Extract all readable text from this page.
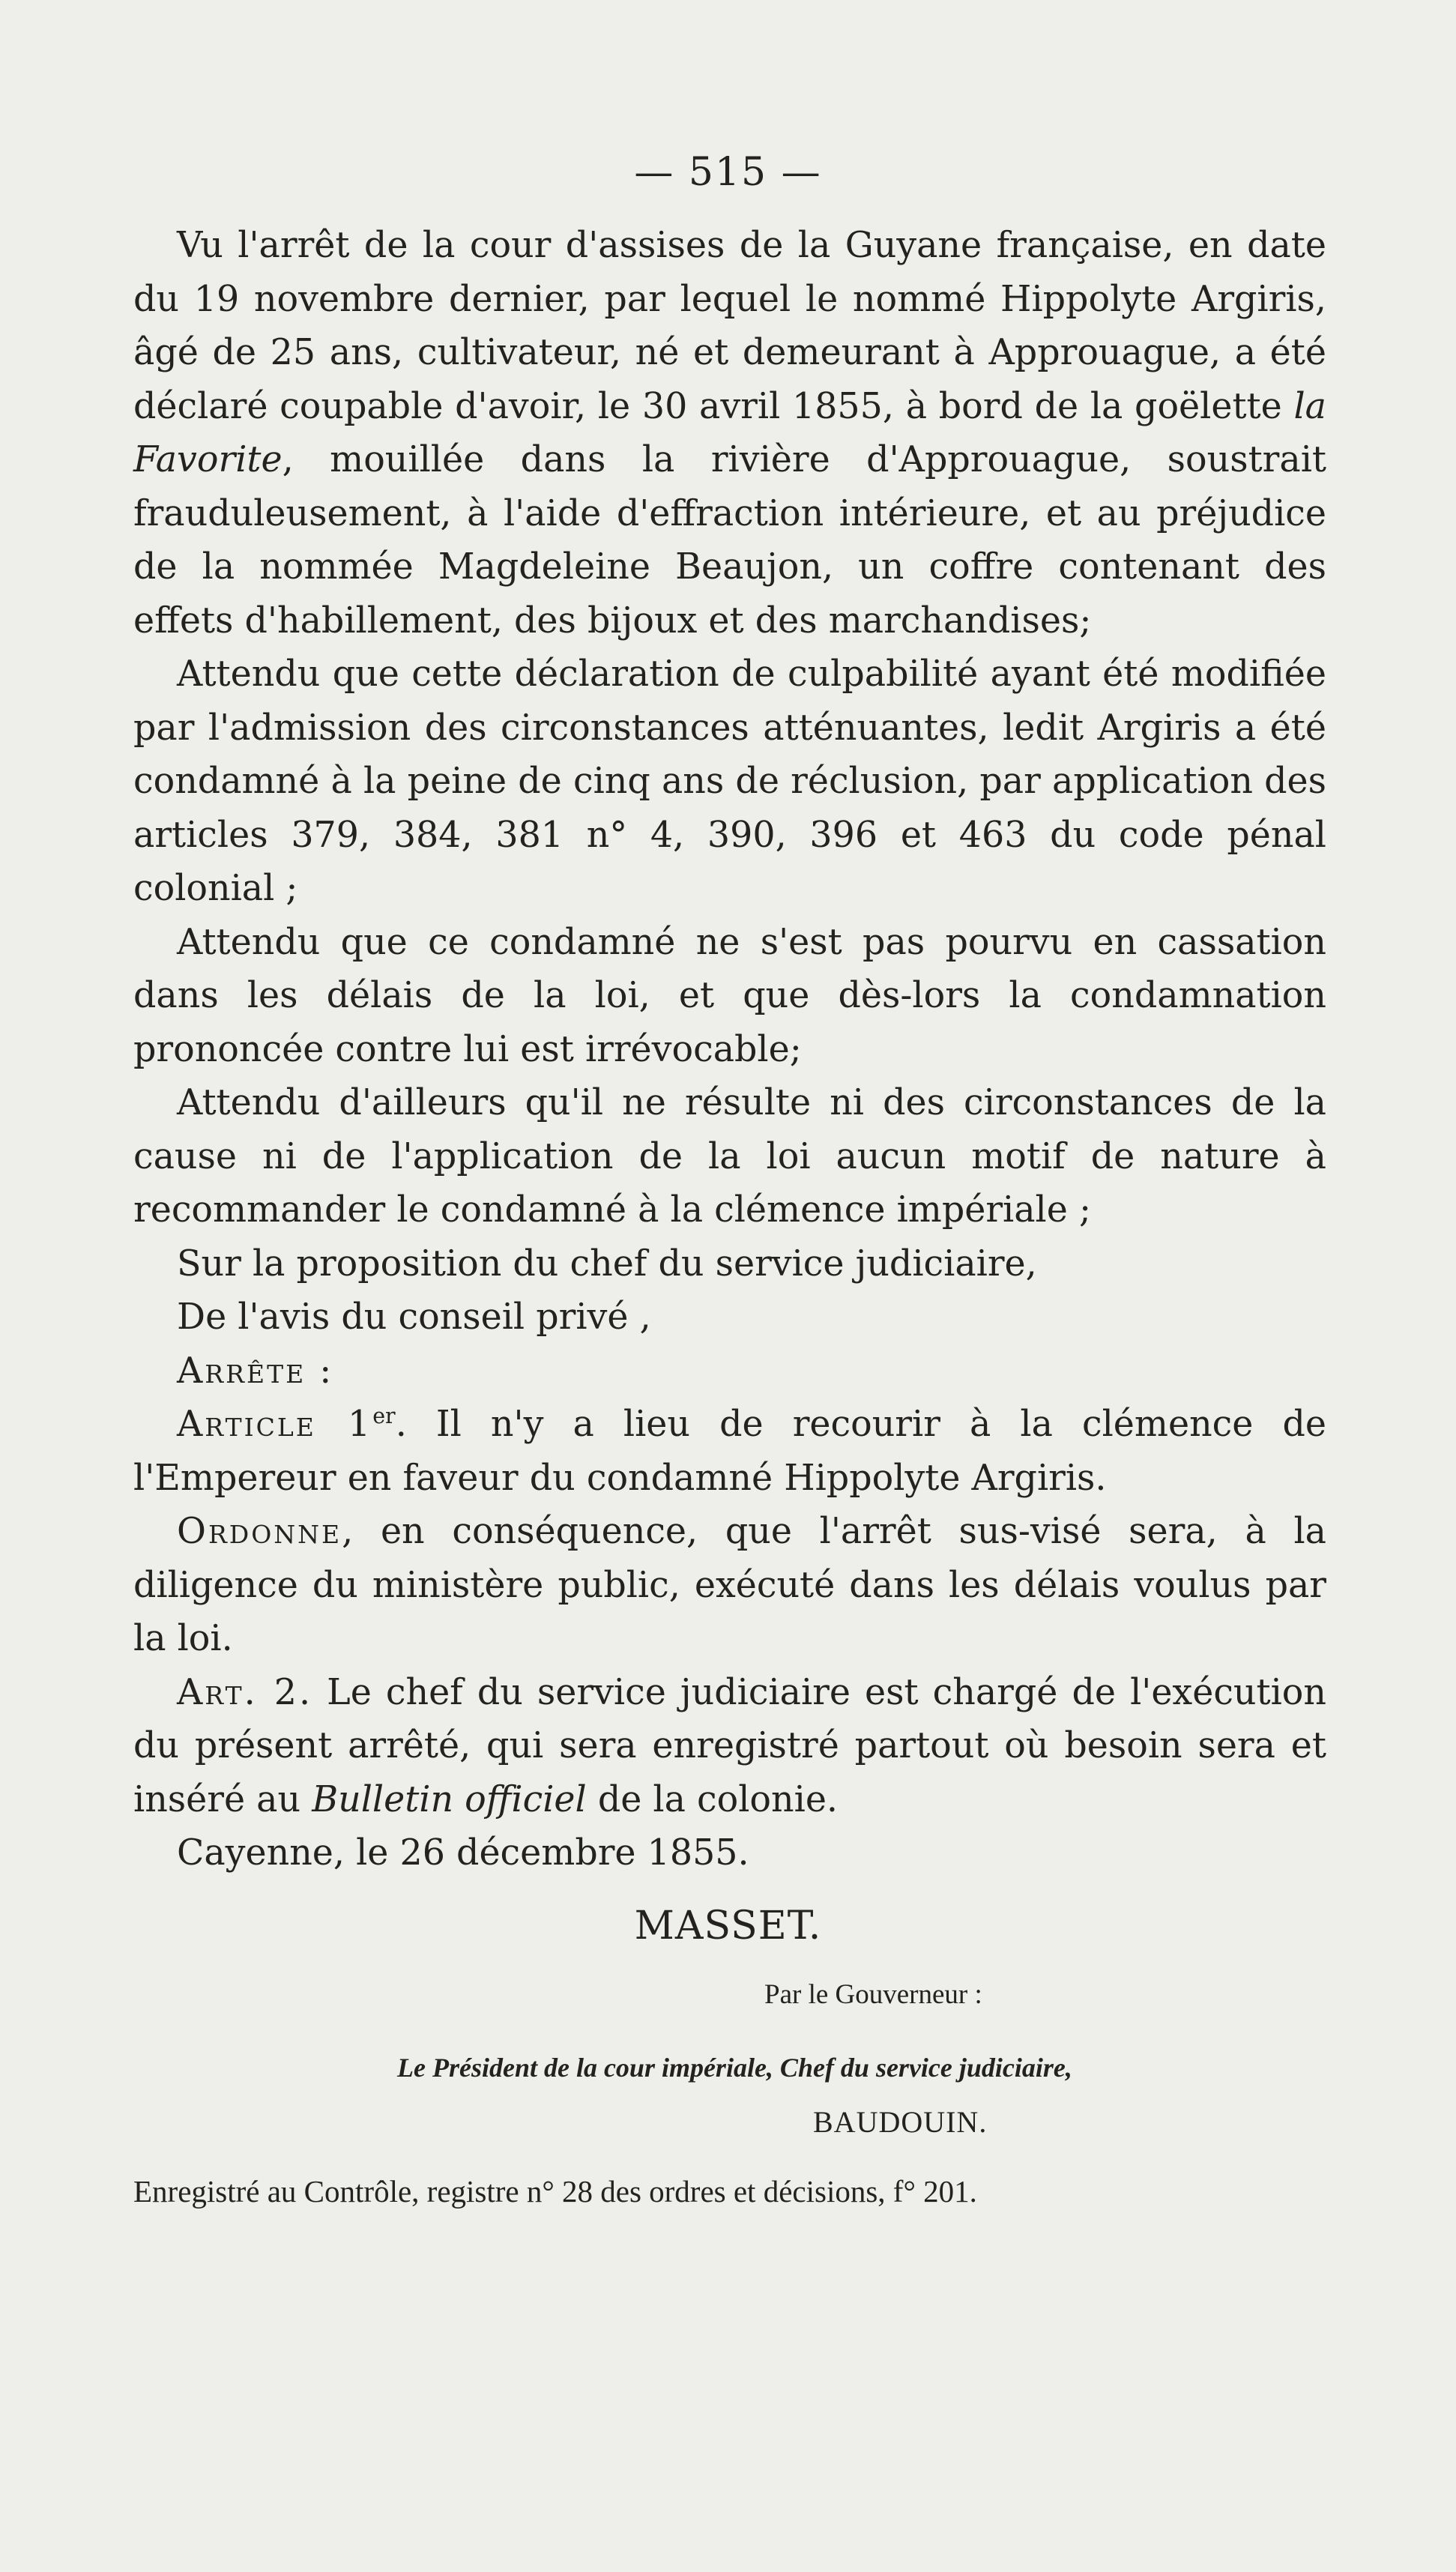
— 515 —

Vu l'arrêt de la cour d'assises de la Guyane française, en date du 19 novembre dernier, par lequel le nommé Hippolyte Argiris, âgé de 25 ans, cultivateur, né et demeurant à Approuague, a été déclaré coupable d'avoir, le 30 avril 1855, à bord de la goëlette la Favorite, mouillée dans la rivière d'Approuague, soustrait frauduleusement, à l'aide d'effraction intérieure, et au préjudice de la nommée Magdeleine Beaujon, un coffre contenant des effets d'habillement, des bijoux et des marchandises;

Attendu que cette déclaration de culpabilité ayant été modifiée par l'admission des circonstances atténuantes, ledit Argiris a été condamné à la peine de cinq ans de réclusion, par application des articles 379, 384, 381 n° 4, 390, 396 et 463 du code pénal colonial ;

Attendu que ce condamné ne s'est pas pourvu en cassation dans les délais de la loi, et que dès-lors la condamnation prononcée contre lui est irrévocable;

Attendu d'ailleurs qu'il ne résulte ni des circonstances de la cause ni de l'application de la loi aucun motif de nature à recommander le condamné à la clémence impériale ;

Sur la proposition du chef du service judiciaire,

De l'avis du conseil privé ,

Arrête :

Article 1er. Il n'y a lieu de recourir à la clémence de l'Empereur en faveur du condamné Hippolyte Argiris.

Ordonne, en conséquence, que l'arrêt sus-visé sera, à la diligence du ministère public, exécuté dans les délais voulus par la loi.

Art. 2. Le chef du service judiciaire est chargé de l'exécution du présent arrêté, qui sera enregistré partout où besoin sera et inséré au Bulletin officiel de la colonie.

Cayenne, le 26 décembre 1855.

MASSET.
Par le Gouverneur :
Le Président de la cour impériale, Chef du service judiciaire,
BAUDOUIN.
Enregistré au Contrôle, registre n° 28 des ordres et décisions, f° 201.
